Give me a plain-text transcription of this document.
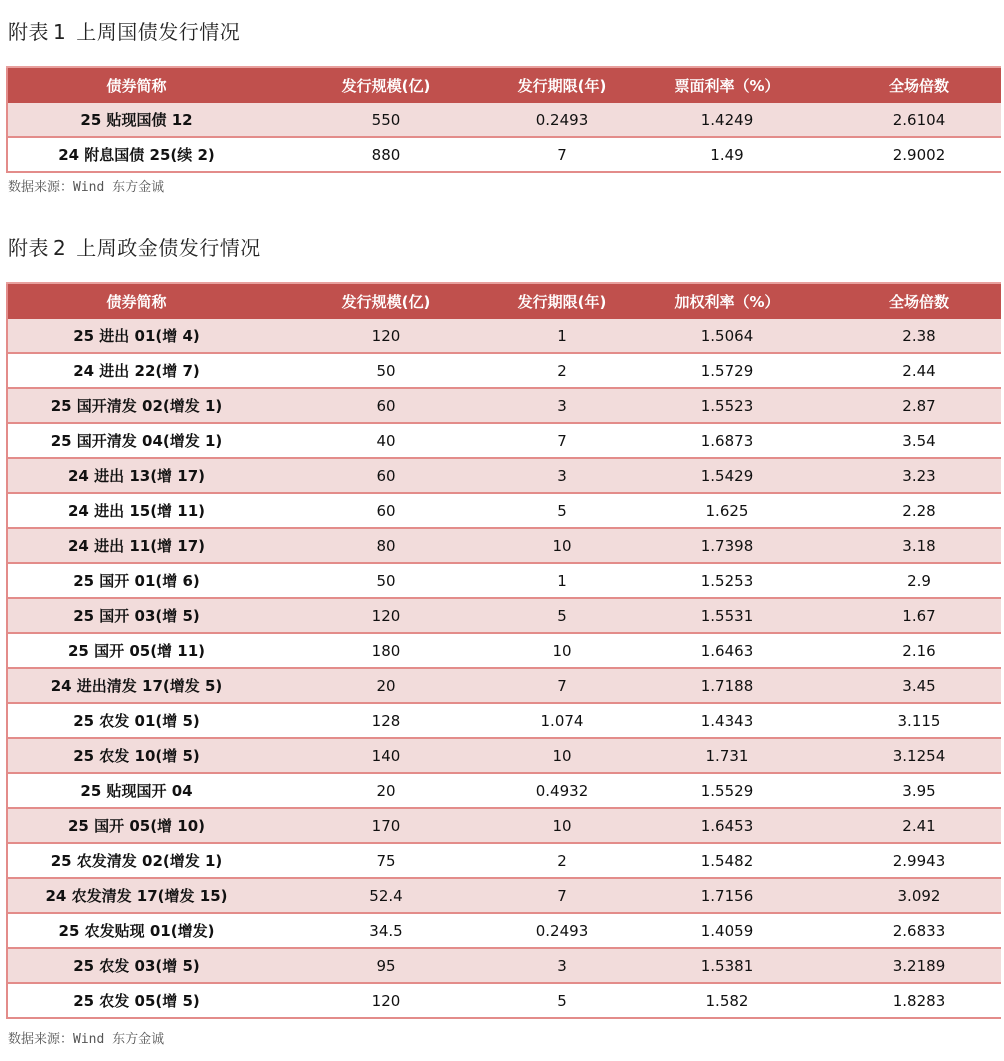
附表 1 上周国债发行情况
债券简称	发行规模(亿)	发行期限(年)	票面利率（%）	全场倍数
25 贴现国债 12	550	0.2493	1.4249	2.6104
24 附息国债 25(续 2)	880	7	1.49	2.9002
数据来源：Wind 东方金诚
附表 2 上周政金债发行情况
债券简称	发行规模(亿)	发行期限(年)	加权利率（%）	全场倍数
25 进出 01(增 4)	120	1	1.5064	2.38
24 进出 22(增 7)	50	2	1.5729	2.44
25 国开清发 02(增发 1)	60	3	1.5523	2.87
25 国开清发 04(增发 1)	40	7	1.6873	3.54
24 进出 13(增 17)	60	3	1.5429	3.23
24 进出 15(增 11)	60	5	1.625	2.28
24 进出 11(增 17)	80	10	1.7398	3.18
25 国开 01(增 6)	50	1	1.5253	2.9
25 国开 03(增 5)	120	5	1.5531	1.67
25 国开 05(增 11)	180	10	1.6463	2.16
24 进出清发 17(增发 5)	20	7	1.7188	3.45
25 农发 01(增 5)	128	1.074	1.4343	3.115
25 农发 10(增 5)	140	10	1.731	3.1254
25 贴现国开 04	20	0.4932	1.5529	3.95
25 国开 05(增 10)	170	10	1.6453	2.41
25 农发清发 02(增发 1)	75	2	1.5482	2.9943
24 农发清发 17(增发 15)	52.4	7	1.7156	3.092
25 农发贴现 01(增发)	34.5	0.2493	1.4059	2.6833
25 农发 03(增 5)	95	3	1.5381	3.2189
25 农发 05(增 5)	120	5	1.582	1.8283
数据来源：Wind 东方金诚
